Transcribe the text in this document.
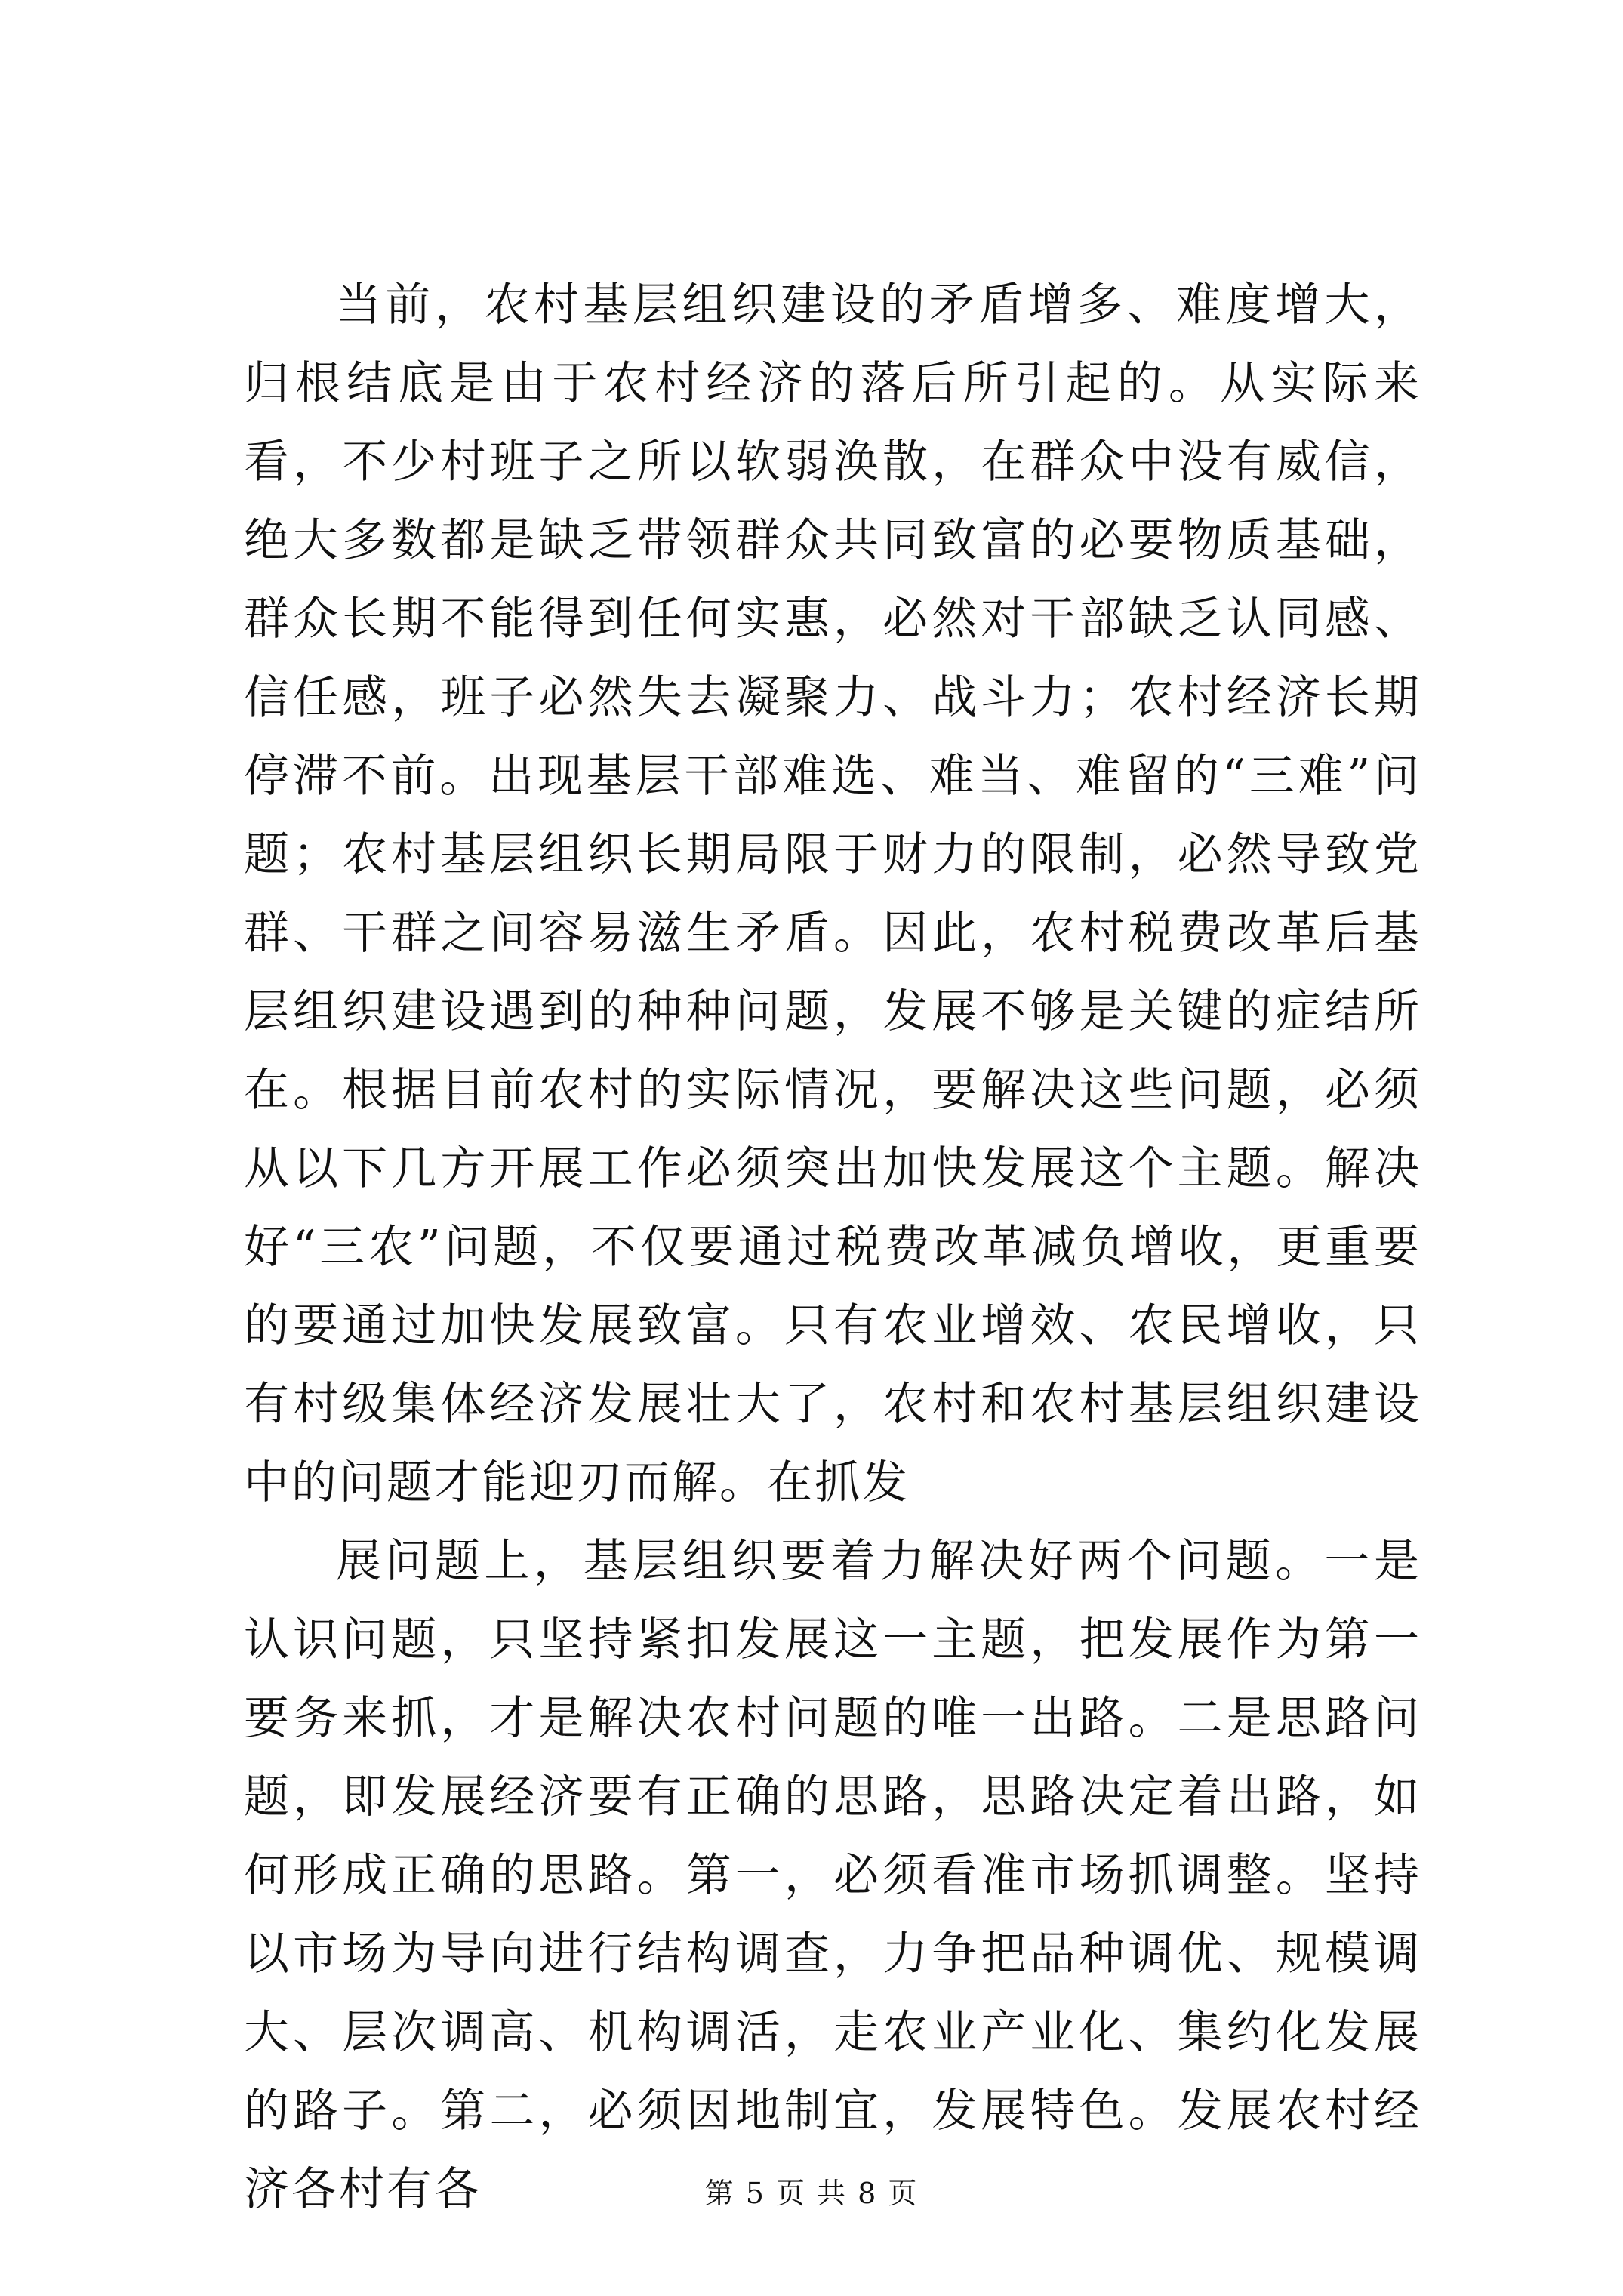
当前，农村基层组织建设的矛盾增多、难度增大，归根结底是由于农村经济的落后所引起的。从实际来看，不少村班子之所以软弱涣散，在群众中没有威信，绝大多数都是缺乏带领群众共同致富的必要物质基础，群众长期不能得到任何实惠，必然对干部缺乏认同感、信任感，班子必然失去凝聚力、战斗力；农村经济长期停滞不前。出现基层干部难选、难当、难留的“三难”问题；农村基层组织长期局限于财力的限制，必然导致党群、干群之间容易滋生矛盾。因此，农村税费改革后基层组织建设遇到的种种问题，发展不够是关键的症结所在。根据目前农村的实际情况，要解决这些问题，必须从以下几方开展工作必须突出加快发展这个主题。解决好“三农”问题，不仅要通过税费改革减负增收，更重要的要通过加快发展致富。只有农业增效、农民增收，只有村级集体经济发展壮大了，农村和农村基层组织建设中的问题才能迎刃而解。在抓发

展问题上，基层组织要着力解决好两个问题。一是认识问题，只坚持紧扣发展这一主题，把发展作为第一要务来抓，才是解决农村问题的唯一出路。二是思路问题，即发展经济要有正确的思路，思路决定着出路，如何形成正确的思路。第一，必须看准市场抓调整。坚持以市场为导向进行结构调查，力争把品种调优、规模调大、层次调高、机构调活，走农业产业化、集约化发展的路子。第二，必须因地制宜，发展特色。发展农村经济各村有各	第 5 页 共 8 页
